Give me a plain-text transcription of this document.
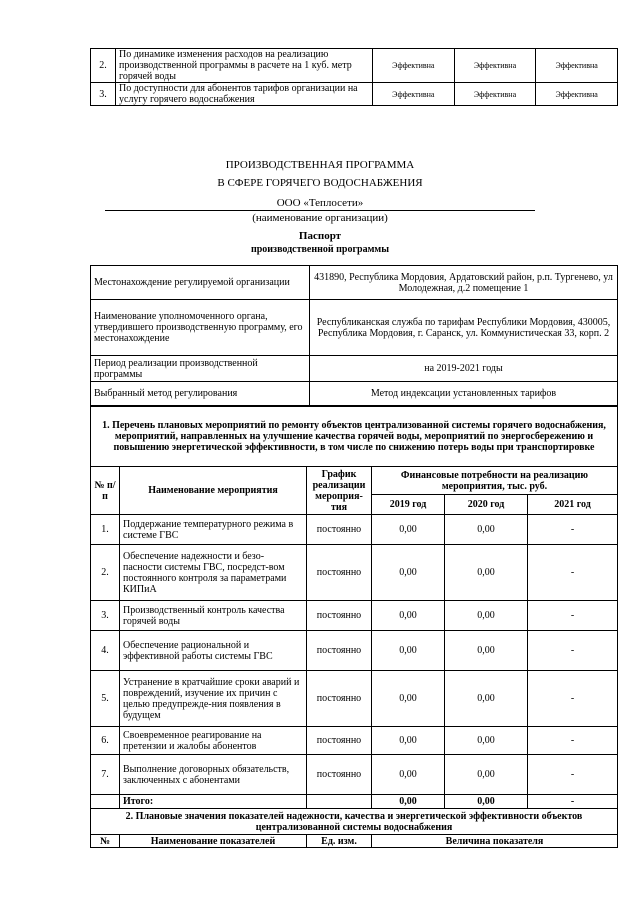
2.	По динамике изменения расходов на реализацию производственной программы в расчете на 1 куб. метр горячей воды	Эффективна	Эффективна	Эффективна
3.	По доступности для абонентов тарифов организации на услугу горячего водоснабжения	Эффективна	Эффективна	Эффективна
ПРОИЗВОДСТВЕННАЯ ПРОГРАММА
В СФЕРЕ ГОРЯЧЕГО ВОДОСНАБЖЕНИЯ
ООО «Теплосети»
(наименование организации)
Паспорт
производственной программы
Местонахождение регулируемой организации	431890, Республика Мордовия, Ардатовский район, р.п. Тургенево, ул Молодежная, д.2 помещение 1
Наименование уполномоченного органа, утвердившего производственную программу, его местонахождение	Республиканская служба по тарифам Республики Мордовия, 430005, Республика Мордовия, г. Саранск, ул. Коммунистическая 33, корп. 2
Период реализации производственной программы	на 2019-2021 годы
Выбранный метод регулирования	Метод индексации установленных тарифов
1. Перечень плановых мероприятий по ремонту объектов централизованной системы горячего водоснабжения, мероприятий, направленных на улучшение качества горячей воды, мероприятий по энергосбережению и повышению энергетической эффективности, в том числе по снижению потерь воды при транспортировке					
№ п/п	Наименование мероприятия	График реализации мероприя-тия	Финансовые потребности на реализацию мероприятия, тыс. руб.		
			2019 год	2020 год	2021 год
1.	Поддержание температурного режима в системе ГВС	постоянно	0,00	0,00	-
2.	Обеспечение надежности и безо-пасности системы ГВС, посредст-вом постоянного контроля за параметрами КИПиА	постоянно	0,00	0,00	-
3.	Производственный контроль качества горячей воды	постоянно	0,00	0,00	-
4.	Обеспечение рациональной и эффективной работы системы ГВС	постоянно	0,00	0,00	-
5.	Устранение в кратчайшие сроки аварий и повреждений, изучение их причин с целью предупрежде-ния появления в будущем	постоянно	0,00	0,00	-
6.	Своевременное реагирование на претензии и жалобы абонентов	постоянно	0,00	0,00	-
7.	Выполнение договорных обязательств, заключенных с абонентами	постоянно	0,00	0,00	-
	Итого:		0,00	0,00	-
2. Плановые значения показателей надежности, качества и энергетической эффективности объектов централизованной системы водоснабжения					
№	Наименование показателей	Ед. изм.	Величина показателя		
